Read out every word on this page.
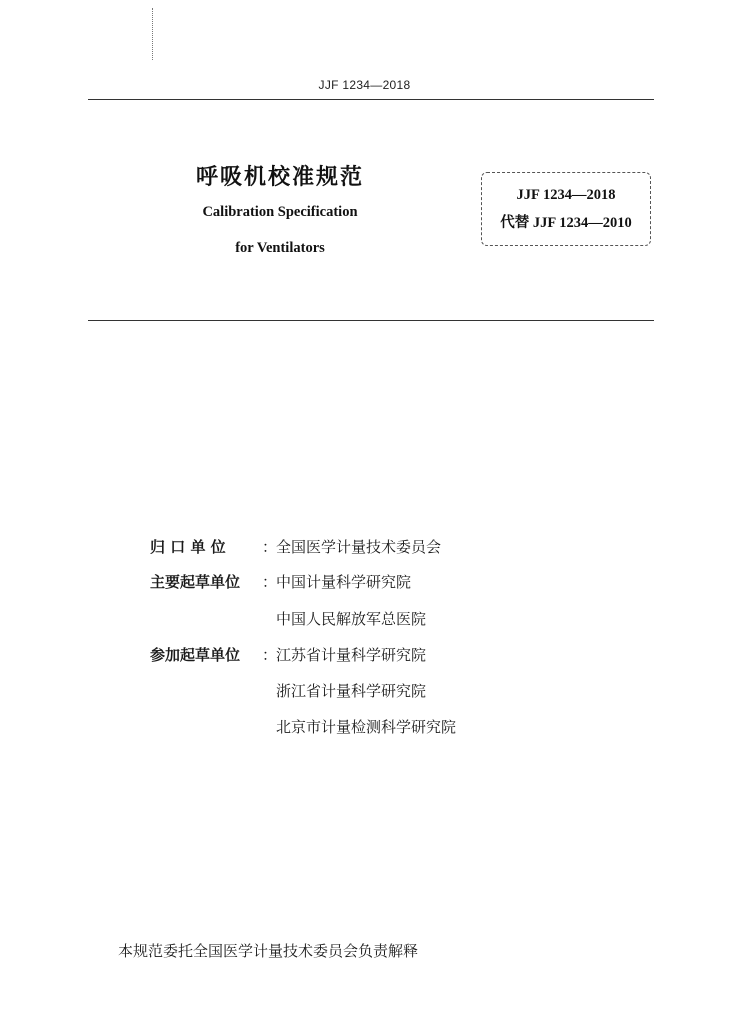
JJF 1234—2018
呼吸机校准规范
Calibration Specification
for Ventilators
JJF 1234—2018
代替 JJF 1234—2010
归 口 单 位	：
全国医学计量技术委员会
主要起草单位	：
中国计量科学研究院
中国人民解放军总医院
参加起草单位	：
江苏省计量科学研究院
浙江省计量科学研究院
北京市计量检测科学研究院
本规范委托全国医学计量技术委员会负责解释
